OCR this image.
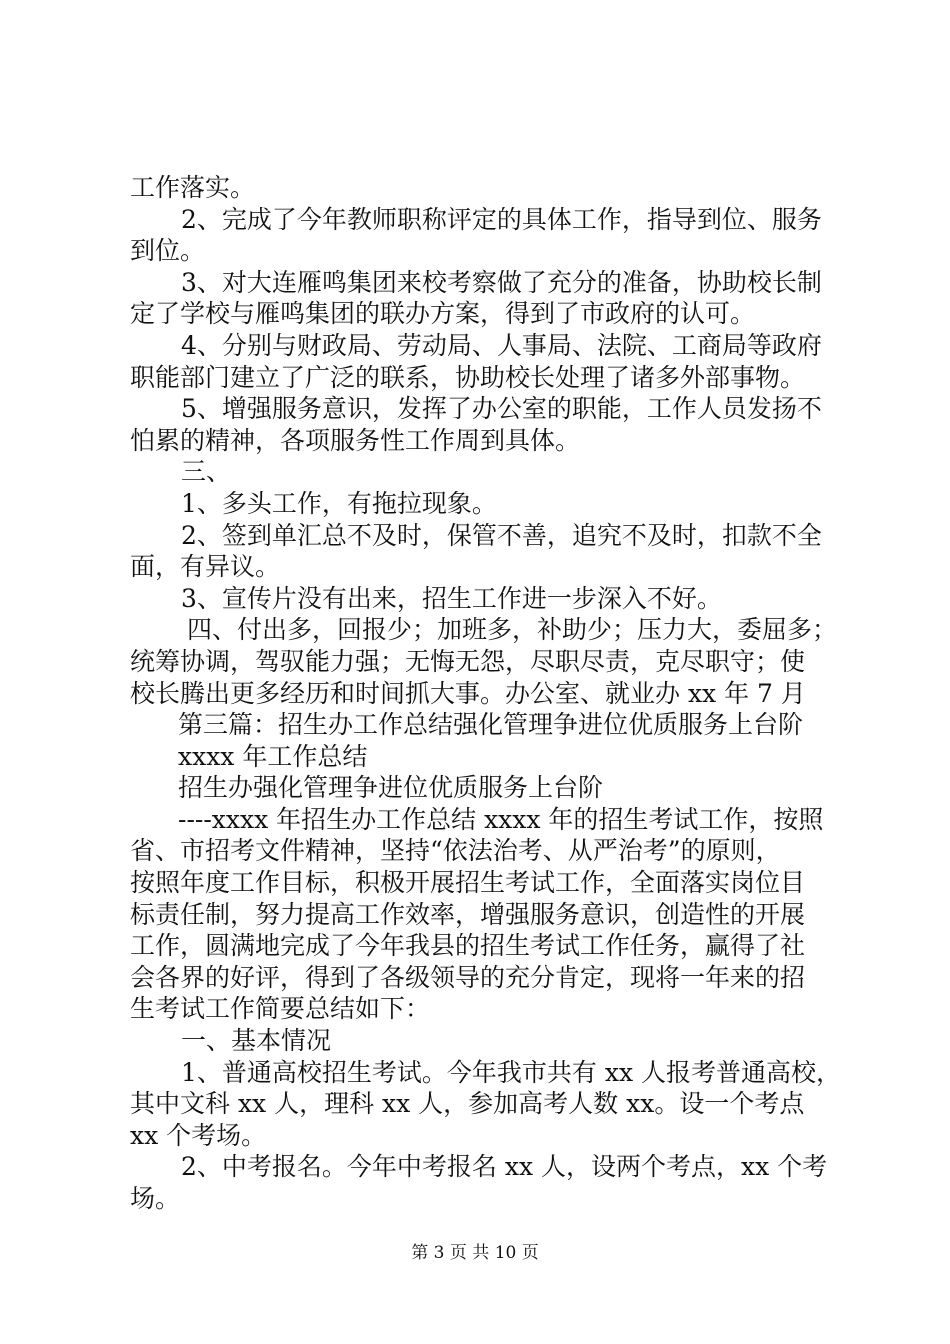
工作落实。
2、完成了今年教师职称评定的具体工作，指导到位、服务
到位。
3、对大连雁鸣集团来校考察做了充分的准备，协助校长制
定了学校与雁鸣集团的联办方案，得到了市政府的认可。
4、分别与财政局、劳动局、人事局、法院、工商局等政府
职能部门建立了广泛的联系，协助校长处理了诸多外部事物。
5、增强服务意识，发挥了办公室的职能，工作人员发扬不
怕累的精神，各项服务性工作周到具体。
三、
1、多头工作，有拖拉现象。
2、签到单汇总不及时，保管不善，追究不及时，扣款不全
面，有异议。
3、宣传片没有出来，招生工作进一步深入不好。
四、付出多，回报少；加班多，补助少；压力大，委屈多；
统筹协调，驾驭能力强；无悔无怨，尽职尽责，克尽职守；使
校长腾出更多经历和时间抓大事。办公室、就业办 xx 年 7 月
第三篇：招生办工作总结强化管理争进位优质服务上台阶
xxxx 年工作总结
招生办强化管理争进位优质服务上台阶
----xxxx 年招生办工作总结 xxxx 年的招生考试工作，按照
省、市招考文件精神，坚持“依法治考、从严治考”的原则，
按照年度工作目标，积极开展招生考试工作，全面落实岗位目
标责任制，努力提高工作效率，增强服务意识，创造性的开展
工作，圆满地完成了今年我县的招生考试工作任务，赢得了社
会各界的好评，得到了各级领导的充分肯定，现将一年来的招
生考试工作简要总结如下：
一、基本情况
1、普通高校招生考试。今年我市共有 xx 人报考普通高校，
其中文科 xx 人，理科 xx 人，参加高考人数 xx。设一个考点
xx 个考场。
2、中考报名。今年中考报名 xx 人，设两个考点，xx 个考
场。
第 3 页 共 10 页
